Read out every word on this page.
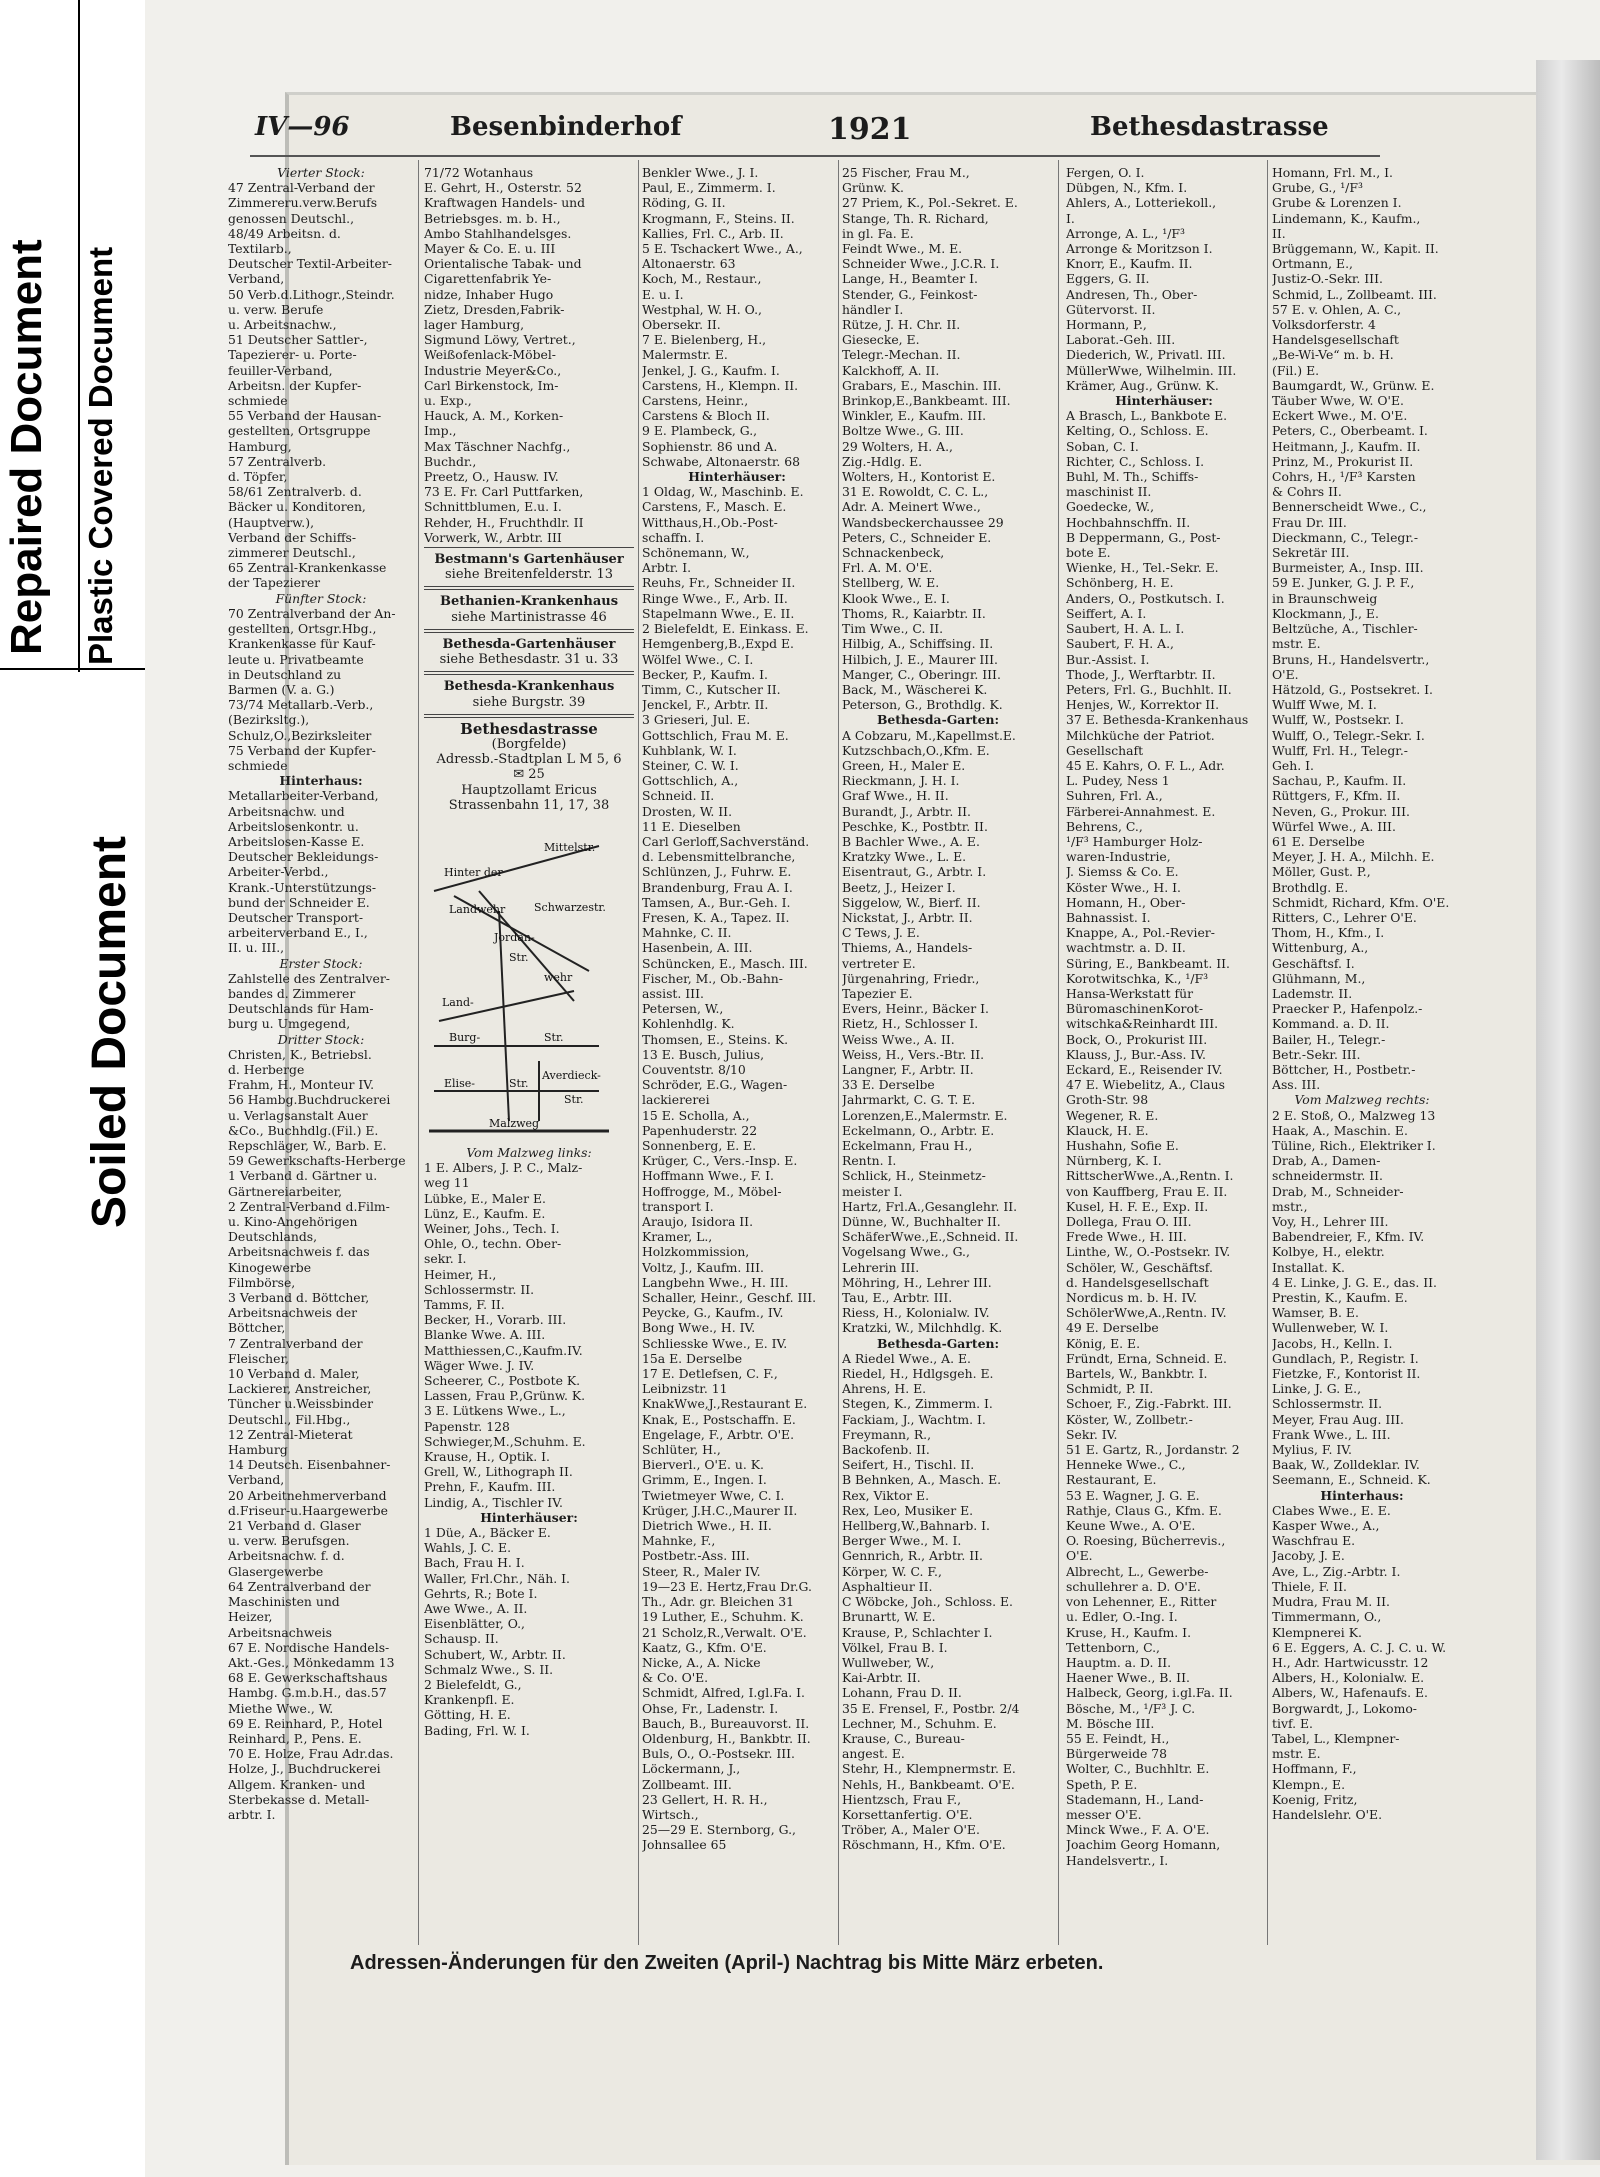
Repaired Document Plastic Covered Document
Soiled Document
IV—96	Besenbinderhof	1921	Bethesdastrasse

Vierter Stock:

47 Zentral-Verband der

Zimmereru.verw.Berufs

genossen Deutschl.,

48/49 Arbeitsn. d.

Textilarb.,

Deutscher Textil-Arbeiter-

Verband,

50 Verb.d.Lithogr.,Steindr.

u. verw. Berufe

u. Arbeitsnachw.,

51 Deutscher Sattler-,

Tapezierer- u. Porte-

feuiller-Verband,

Arbeitsn. der Kupfer-

schmiede

55 Verband der Hausan-

gestellten, Ortsgruppe

Hamburg,

57 Zentralverb.

d. Töpfer,

58/61 Zentralverb. d.

Bäcker u. Konditoren,

(Hauptverw.),

Verband der Schiffs-

zimmerer Deutschl.,

65 Zentral-Krankenkasse

der Tapezierer

Fünfter Stock:

70 Zentralverband der An-

gestellten, Ortsgr.Hbg.,

Krankenkasse für Kauf-

leute u. Privatbeamte

in Deutschland zu

Barmen (V. a. G.)

73/74 Metallarb.-Verb.,

(Bezirksltg.),

Schulz,O.,Bezirksleiter

75 Verband der Kupfer-

schmiede

Hinterhaus:

Metallarbeiter-Verband,

Arbeitsnachw. und

Arbeitslosenkontr. u.

Arbeitslosen-Kasse E.

Deutscher Bekleidungs-

Arbeiter-Verbd.,

Krank.-Unterstützungs-

bund der Schneider E.

Deutscher Transport-

arbeiterverband E., I.,

II. u. III.,

Erster Stock:

Zahlstelle des Zentralver-

bandes d. Zimmerer

Deutschlands für Ham-

burg u. Umgegend,

Dritter Stock:

Christen, K., Betriebsl.

d. Herberge

Frahm, H., Monteur IV.

56 Hambg.Buchdruckerei

u. Verlagsanstalt Auer

&Co., Buchhdlg.(Fil.) E.

Repschläger, W., Barb. E.

59 Gewerkschafts-Herberge

1 Verband d. Gärtner u.

Gärtnereiarbeiter,

2 Zentral-Verband d.Film-

u. Kino-Angehörigen

Deutschlands,

Arbeitsnachweis f. das

Kinogewerbe

Filmbörse,

3 Verband d. Böttcher,

Arbeitsnachweis der

Böttcher,

7 Zentralverband der

Fleischer,

10 Verband d. Maler,

Lackierer, Anstreicher,

Tüncher u.Weissbinder

Deutschl., Fil.Hbg.,

12 Zentral-Mieterat

Hamburg

14 Deutsch. Eisenbahner-

Verband,

20 Arbeitnehmerverband

d.Friseur-u.Haargewerbe

21 Verband d. Glaser

u. verw. Berufsgen.

Arbeitsnachw. f. d.

Glasergewerbe

64 Zentralverband der

Maschinisten und

Heizer,

Arbeitsnachweis

67 E. Nordische Handels-

Akt.-Ges., Mönkedamm 13

68 E. Gewerkschaftshaus

Hambg. G.m.b.H., das.57

Miethe Wwe., W.

69 E. Reinhard, P., Hotel

Reinhard, P., Pens. E.

70 E. Holze, Frau Adr.das.

Holze, J., Buchdruckerei

Allgem. Kranken- und

Sterbekasse d. Metall-

arbtr. I.

71/72 Wotanhaus

E. Gehrt, H., Osterstr. 52

Kraftwagen Handels- und

Betriebsges. m. b. H.,

Ambo Stahlhandelsges.

Mayer & Co. E. u. III

Orientalische Tabak- und

Cigarettenfabrik Ye-

nidze, Inhaber Hugo

Zietz, Dresden,Fabrik-

lager Hamburg,

Sigmund Löwy, Vertret.,

Weißofenlack-Möbel-

Industrie Meyer&Co.,

Carl Birkenstock, Im-

u. Exp.,

Hauck, A. M., Korken-

Imp.,

Max Täschner Nachfg.,

Buchdr.,

Preetz, O., Hausw. IV.

73 E. Fr. Carl Puttfarken,

Schnittblumen, E.u. I.

Rehder, H., Fruchthdlr. II

Vorwerk, W., Arbtr. III

Bestmann's Gartenhäuser
siehe Breitenfelderstr. 13
Bethanien-Krankenhaus
siehe Martinistrasse 46
Bethesda-Gartenhäuser
siehe Bethesdastr. 31 u. 33
Bethesda-Krankenhaus
siehe Burgstr. 39
Bethesdastrasse
(Borgfelde)
Adressb.-Stadtplan L M 5, 6
✉ 25
Hauptzollamt Ericus
Strassenbahn 11, 17, 38
Hinter der
Mittelstr.
Landwehr	Schwarzestr.
Jordan-
Str.
Land-
wehr
Burg-	Str.
Elise-	Str.
Averdieck-
Str.
Malzweg

Vom Malzweg links:

1 E. Albers, J. P. C., Malz-

weg 11

Lübke, E., Maler E.

Lünz, E., Kaufm. E.

Weiner, Johs., Tech. I.

Ohle, O., techn. Ober-

sekr. I.

Heimer, H.,

Schlossermstr. II.

Tamms, F. II.

Becker, H., Vorarb. III.

Blanke Wwe. A. III.

Matthiessen,C.,Kaufm.IV.

Wäger Wwe. J. IV.

Scheerer, C., Postbote K.

Lassen, Frau P.,Grünw. K.

3 E. Lütkens Wwe., L.,

Papenstr. 128

Schwieger,M.,Schuhm. E.

Krause, H., Optik. I.

Grell, W., Lithograph II.

Prehn, F., Kaufm. III.

Lindig, A., Tischler IV.

Hinterhäuser:

1 Düe, A., Bäcker E.

Wahls, J. C. E.

Bach, Frau H. I.

Waller, Frl.Chr., Näh. I.

Gehrts, R.; Bote I.

Awe Wwe., A. II.

Eisenblätter, O.,

Schausp. II.

Schubert, W., Arbtr. II.

Schmalz Wwe., S. II.

2 Bielefeldt, G.,

Krankenpfl. E.

Götting, H. E.

Bading, Frl. W. I.

Benkler Wwe., J. I.

Paul, E., Zimmerm. I.

Röding, G. II.

Krogmann, F., Steins. II.

Kallies, Frl. C., Arb. II.

5 E. Tschackert Wwe., A.,

Altonaerstr. 63

Koch, M., Restaur.,

E. u. I.

Westphal, W. H. O.,

Obersekr. II.

7 E. Bielenberg, H.,

Malermstr. E.

Jenkel, J. G., Kaufm. I.

Carstens, H., Klempn. II.

Carstens, Heinr.,

Carstens & Bloch II.

9 E. Plambeck, G.,

Sophienstr. 86 und A.

Schwabe, Altonaerstr. 68

Hinterhäuser:

1 Oldag, W., Maschinb. E.

Carstens, F., Masch. E.

Witthaus,H.,Ob.-Post-

schaffn. I.

Schönemann, W.,

Arbtr. I.

Reuhs, Fr., Schneider II.

Ringe Wwe., F., Arb. II.

Stapelmann Wwe., E. II.

2 Bielefeldt, E. Einkass. E.

Hemgenberg,B.,Expd E.

Wölfel Wwe., C. I.

Becker, P., Kaufm. I.

Timm, C., Kutscher II.

Jenckel, F., Arbtr. II.

3 Grieseri, Jul. E.

Gottschlich, Frau M. E.

Kuhblank, W. I.

Steiner, C. W. I.

Gottschlich, A.,

Schneid. II.

Drosten, W. II.

11 E. Dieselben

Carl Gerloff,Sachverständ.

d. Lebensmittelbranche,

Schlünzen, J., Fuhrw. E.

Brandenburg, Frau A. I.

Tamsen, A., Bur.-Geh. I.

Fresen, K. A., Tapez. II.

Mahnke, C. II.

Hasenbein, A. III.

Schüncken, E., Masch. III.

Fischer, M., Ob.-Bahn-

assist. III.

Petersen, W.,

Kohlenhdlg. K.

Thomsen, E., Steins. K.

13 E. Busch, Julius,

Couventstr. 8/10

Schröder, E.G., Wagen-

lackiererei

15 E. Scholla, A.,

Papenhuderstr. 22

Sonnenberg, E. E.

Krüger, C., Vers.-Insp. E.

Hoffmann Wwe., F. I.

Hoffrogge, M., Möbel-

transport I.

Araujo, Isidora II.

Kramer, L.,

Holzkommission,

Voltz, J., Kaufm. III.

Langbehn Wwe., H. III.

Schaller, Heinr., Geschf. III.

Peycke, G., Kaufm., IV.

Bong Wwe., H. IV.

Schliesske Wwe., E. IV.

15a E. Derselbe

17 E. Detlefsen, C. F.,

Leibnizstr. 11

KnakWwe,J.,Restaurant E.

Knak, E., Postschaffn. E.

Engelage, F., Arbtr. O'E.

Schlüter, H.,

Bierverl., O'E. u. K.

Grimm, E., Ingen. I.

Twietmeyer Wwe, C. I.

Krüger, J.H.C.,Maurer II.

Dietrich Wwe., H. II.

Mahnke, F.,

Postbetr.-Ass. III.

Steer, R., Maler IV.

19—23 E. Hertz,Frau Dr.G.

Th., Adr. gr. Bleichen 31

19 Luther, E., Schuhm. K.

21 Scholz,R.,Verwalt. O'E.

Kaatz, G., Kfm. O'E.

Nicke, A., A. Nicke

& Co. O'E.

Schmidt, Alfred, I.gl.Fa. I.

Ohse, Fr., Ladenstr. I.

Bauch, B., Bureauvorst. II.

Oldenburg, H., Bankbtr. II.

Buls, O., O.-Postsekr. III.

Löckermann, J.,

Zollbeamt. III.

23 Gellert, H. R. H.,

Wirtsch.,

25—29 E. Sternborg, G.,

Johnsallee 65

25 Fischer, Frau M.,

Grünw. K.

27 Priem, K., Pol.-Sekret. E.

Stange, Th. R. Richard,

in gl. Fa. E.

Feindt Wwe., M. E.

Schneider Wwe., J.C.R. I.

Lange, H., Beamter I.

Stender, G., Feinkost-

händler I.

Rütze, J. H. Chr. II.

Giesecke, E.

Telegr.-Mechan. II.

Kalckhoff, A. II.

Grabars, E., Maschin. III.

Brinkop,E.,Bankbeamt. III.

Winkler, E., Kaufm. III.

Boltze Wwe., G. III.

29 Wolters, H. A.,

Zig.-Hdlg. E.

Wolters, H., Kontorist E.

31 E. Rowoldt, C. C. L.,

Adr. A. Meinert Wwe.,

Wandsbeckerchaussee 29

Peters, C., Schneider E.

Schnackenbeck,

Frl. A. M. O'E.

Stellberg, W. E.

Klook Wwe., E. I.

Thoms, R., Kaiarbtr. II.

Tim Wwe., C. II.

Hilbig, A., Schiffsing. II.

Hilbich, J. E., Maurer III.

Manger, C., Oberingr. III.

Back, M., Wäscherei K.

Peterson, G., Brothdlg. K.

Bethesda-Garten:

A Cobzaru, M.,Kapellmst.E.

Kutzschbach,O.,Kfm. E.

Green, H., Maler E.

Rieckmann, J. H. I.

Graf Wwe., H. II.

Burandt, J., Arbtr. II.

Peschke, K., Postbtr. II.

B Bachler Wwe., A. E.

Kratzky Wwe., L. E.

Eisentraut, G., Arbtr. I.

Beetz, J., Heizer I.

Siggelow, W., Bierf. II.

Nickstat, J., Arbtr. II.

C Tews, J. E.

Thiems, A., Handels-

vertreter E.

Jürgenahring, Friedr.,

Tapezier E.

Evers, Heinr., Bäcker I.

Rietz, H., Schlosser I.

Weiss Wwe., A. II.

Weiss, H., Vers.-Btr. II.

Langner, F., Arbtr. II.

33 E. Derselbe

Jahrmarkt, C. G. T. E.

Lorenzen,E.,Malermstr. E.

Eckelmann, O., Arbtr. E.

Eckelmann, Frau H.,

Rentn. I.

Schlick, H., Steinmetz-

meister I.

Hartz, Frl.A.,Gesanglehr. II.

Dünne, W., Buchhalter II.

SchäferWwe.,E.,Schneid. II.

Vogelsang Wwe., G.,

Lehrerin III.

Möhring, H., Lehrer III.

Tau, E., Arbtr. III.

Riess, H., Kolonialw. IV.

Kratzki, W., Milchhdlg. K.

Bethesda-Garten:

A Riedel Wwe., A. E.

Riedel, H., Hdlgsgeh. E.

Ahrens, H. E.

Stegen, K., Zimmerm. I.

Fackiam, J., Wachtm. I.

Freymann, R.,

Backofenb. II.

Seifert, H., Tischl. II.

B Behnken, A., Masch. E.

Rex, Viktor E.

Rex, Leo, Musiker E.

Hellberg,W.,Bahnarb. I.

Berger Wwe., M. I.

Gennrich, R., Arbtr. II.

Körper, W. C. F.,

Asphaltieur II.

C Wöbcke, Joh., Schloss. E.

Brunartt, W. E.

Krause, P., Schlachter I.

Völkel, Frau B. I.

Wullweber, W.,

Kai-Arbtr. II.

Lohann, Frau D. II.

35 E. Frensel, F., Postbr. 2/4

Lechner, M., Schuhm. E.

Krause, C., Bureau-

angest. E.

Stehr, H., Klempnermstr. E.

Nehls, H., Bankbeamt. O'E.

Hientzsch, Frau F.,

Korsettanfertig. O'E.

Tröber, A., Maler O'E.

Röschmann, H., Kfm. O'E.

Fergen, O. I.

Dübgen, N., Kfm. I.

Ahlers, A., Lotteriekoll.,

I.

Arronge, A. L., ¹/F³

Arronge & Moritzson I.

Knorr, E., Kaufm. II.

Eggers, G. II.

Andresen, Th., Ober-

Gütervorst. II.

Hormann, P.,

Laborat.-Geh. III.

Diederich, W., Privatl. III.

MüllerWwe, Wilhelmin. III.

Krämer, Aug., Grünw. K.

Hinterhäuser:

A Brasch, L., Bankbote E.

Kelting, O., Schloss. E.

Soban, C. I.

Richter, C., Schloss. I.

Buhl, M. Th., Schiffs-

maschinist II.

Goedecke, W.,

Hochbahnschffn. II.

B Deppermann, G., Post-

bote E.

Wienke, H., Tel.-Sekr. E.

Schönberg, H. E.

Anders, O., Postkutsch. I.

Seiffert, A. I.

Saubert, H. A. L. I.

Saubert, F. H. A.,

Bur.-Assist. I.

Thode, J., Werftarbtr. II.

Peters, Frl. G., Buchhlt. II.

Henjes, W., Korrektor II.

37 E. Bethesda-Krankenhaus

Milchküche der Patriot.

Gesellschaft

45 E. Kahrs, O. F. L., Adr.

L. Pudey, Ness 1

Suhren, Frl. A.,

Färberei-Annahmest. E.

Behrens, C.,

¹/F³ Hamburger Holz-

waren-Industrie,

J. Siemss & Co. E.

Köster Wwe., H. I.

Homann, H., Ober-

Bahnassist. I.

Knappe, A., Pol.-Revier-

wachtmstr. a. D. II.

Süring, E., Bankbeamt. II.

Korotwitschka, K., ¹/F³

Hansa-Werkstatt für

BüromaschinenKorot-

witschka&Reinhardt III.

Bock, O., Prokurist III.

Klauss, J., Bur.-Ass. IV.

Eckard, E., Reisender IV.

47 E. Wiebelitz, A., Claus

Groth-Str. 98

Wegener, R. E.

Klauck, H. E.

Hushahn, Sofie E.

Nürnberg, K. I.

RittscherWwe.,A.,Rentn. I.

von Kauffberg, Frau E. II.

Kusel, H. F. E., Exp. II.

Dollega, Frau O. III.

Frede Wwe., H. III.

Linthe, W., O.-Postsekr. IV.

Schöler, W., Geschäftsf.

d. Handelsgesellschaft

Nordicus m. b. H. IV.

SchölerWwe,A.,Rentn. IV.

49 E. Derselbe

König, E. E.

Fründt, Erna, Schneid. E.

Bartels, W., Bankbtr. I.

Schmidt, P. II.

Schoer, F., Zig.-Fabrkt. III.

Köster, W., Zollbetr.-

Sekr. IV.

51 E. Gartz, R., Jordanstr. 2

Henneke Wwe., C.,

Restaurant, E.

53 E. Wagner, J. G. E.

Rathje, Claus G., Kfm. E.

Keune Wwe., A. O'E.

O. Roesing, Bücherrevis.,

O'E.

Albrecht, L., Gewerbe-

schullehrer a. D. O'E.

von Lehenner, E., Ritter

u. Edler, O.-Ing. I.

Kruse, H., Kaufm. I.

Tettenborn, C.,

Hauptm. a. D. II.

Haener Wwe., B. II.

Halbeck, Georg, i.gl.Fa. II.

Bösche, M., ¹/F³ J. C.

M. Bösche III.

55 E. Feindt, H.,

Bürgerweide 78

Wolter, C., Buchhltr. E.

Speth, P. E.

Stademann, H., Land-

messer O'E.

Minck Wwe., F. A. O'E.

Joachim Georg Homann,

Handelsvertr., I.

Homann, Frl. M., I.

Grube, G., ¹/F³

Grube & Lorenzen I.

Lindemann, K., Kaufm.,

II.

Brüggemann, W., Kapit. II.

Ortmann, E.,

Justiz-O.-Sekr. III.

Schmid, L., Zollbeamt. III.

57 E. v. Ohlen, A. C.,

Volksdorferstr. 4

Handelsgesellschaft

„Be-Wi-Ve“ m. b. H.

(Fil.) E.

Baumgardt, W., Grünw. E.

Täuber Wwe, W. O'E.

Eckert Wwe., M. O'E.

Peters, C., Oberbeamt. I.

Heitmann, J., Kaufm. II.

Prinz, M., Prokurist II.

Cohrs, H., ¹/F³ Karsten

& Cohrs II.

Bennerscheidt Wwe., C.,

Frau Dr. III.

Dieckmann, C., Telegr.-

Sekretär III.

Burmeister, A., Insp. III.

59 E. Junker, G. J. P. F.,

in Braunschweig

Klockmann, J., E.

Beltzüche, A., Tischler-

mstr. E.

Bruns, H., Handelsvertr.,

O'E.

Hätzold, G., Postsekret. I.

Wulff Wwe, M. I.

Wulff, W., Postsekr. I.

Wulff, O., Telegr.-Sekr. I.

Wulff, Frl. H., Telegr.-

Geh. I.

Sachau, P., Kaufm. II.

Rüttgers, F., Kfm. II.

Neven, G., Prokur. III.

Würfel Wwe., A. III.

61 E. Derselbe

Meyer, J. H. A., Milchh. E.

Möller, Gust. P.,

Brothdlg. E.

Schmidt, Richard, Kfm. O'E.

Ritters, C., Lehrer O'E.

Thom, H., Kfm., I.

Wittenburg, A.,

Geschäftsf. I.

Glühmann, M.,

Lademstr. II.

Praecker P., Hafenpolz.-

Kommand. a. D. II.

Bailer, H., Telegr.-

Betr.-Sekr. III.

Böttcher, H., Postbetr.-

Ass. III.

Vom Malzweg rechts:

2 E. Stoß, O., Malzweg 13

Haak, A., Maschin. E.

Tüline, Rich., Elektriker I.

Drab, A., Damen-

schneidermstr. II.

Drab, M., Schneider-

mstr.,

Voy, H., Lehrer III.

Babendreier, F., Kfm. IV.

Kolbye, H., elektr.

Installat. K.

4 E. Linke, J. G. E., das. II.

Prestin, K., Kaufm. E.

Wamser, B. E.

Wullenweber, W. I.

Jacobs, H., Kelln. I.

Gundlach, P., Registr. I.

Fietzke, F., Kontorist II.

Linke, J. G. E.,

Schlossermstr. II.

Meyer, Frau Aug. III.

Frank Wwe., L. III.

Mylius, F. IV.

Baak, W., Zolldeklar. IV.

Seemann, E., Schneid. K.

Hinterhaus:

Clabes Wwe., E. E.

Kasper Wwe., A.,

Waschfrau E.

Jacoby, J. E.

Ave, L., Zig.-Arbtr. I.

Thiele, F. II.

Mudra, Frau M. II.

Timmermann, O.,

Klempnerei K.

6 E. Eggers, A. C. J. C. u. W.

H., Adr. Hartwicusstr. 12

Albers, H., Kolonialw. E.

Albers, W., Hafenaufs. E.

Borgwardt, J., Lokomo-

tivf. E.

Tabel, L., Klempner-

mstr. E.

Hoffmann, F.,

Klempn., E.

Koenig, Fritz,

Handelslehr. O'E.

Adressen-Änderungen für den Zweiten (April-) Nachtrag bis Mitte März erbeten.
